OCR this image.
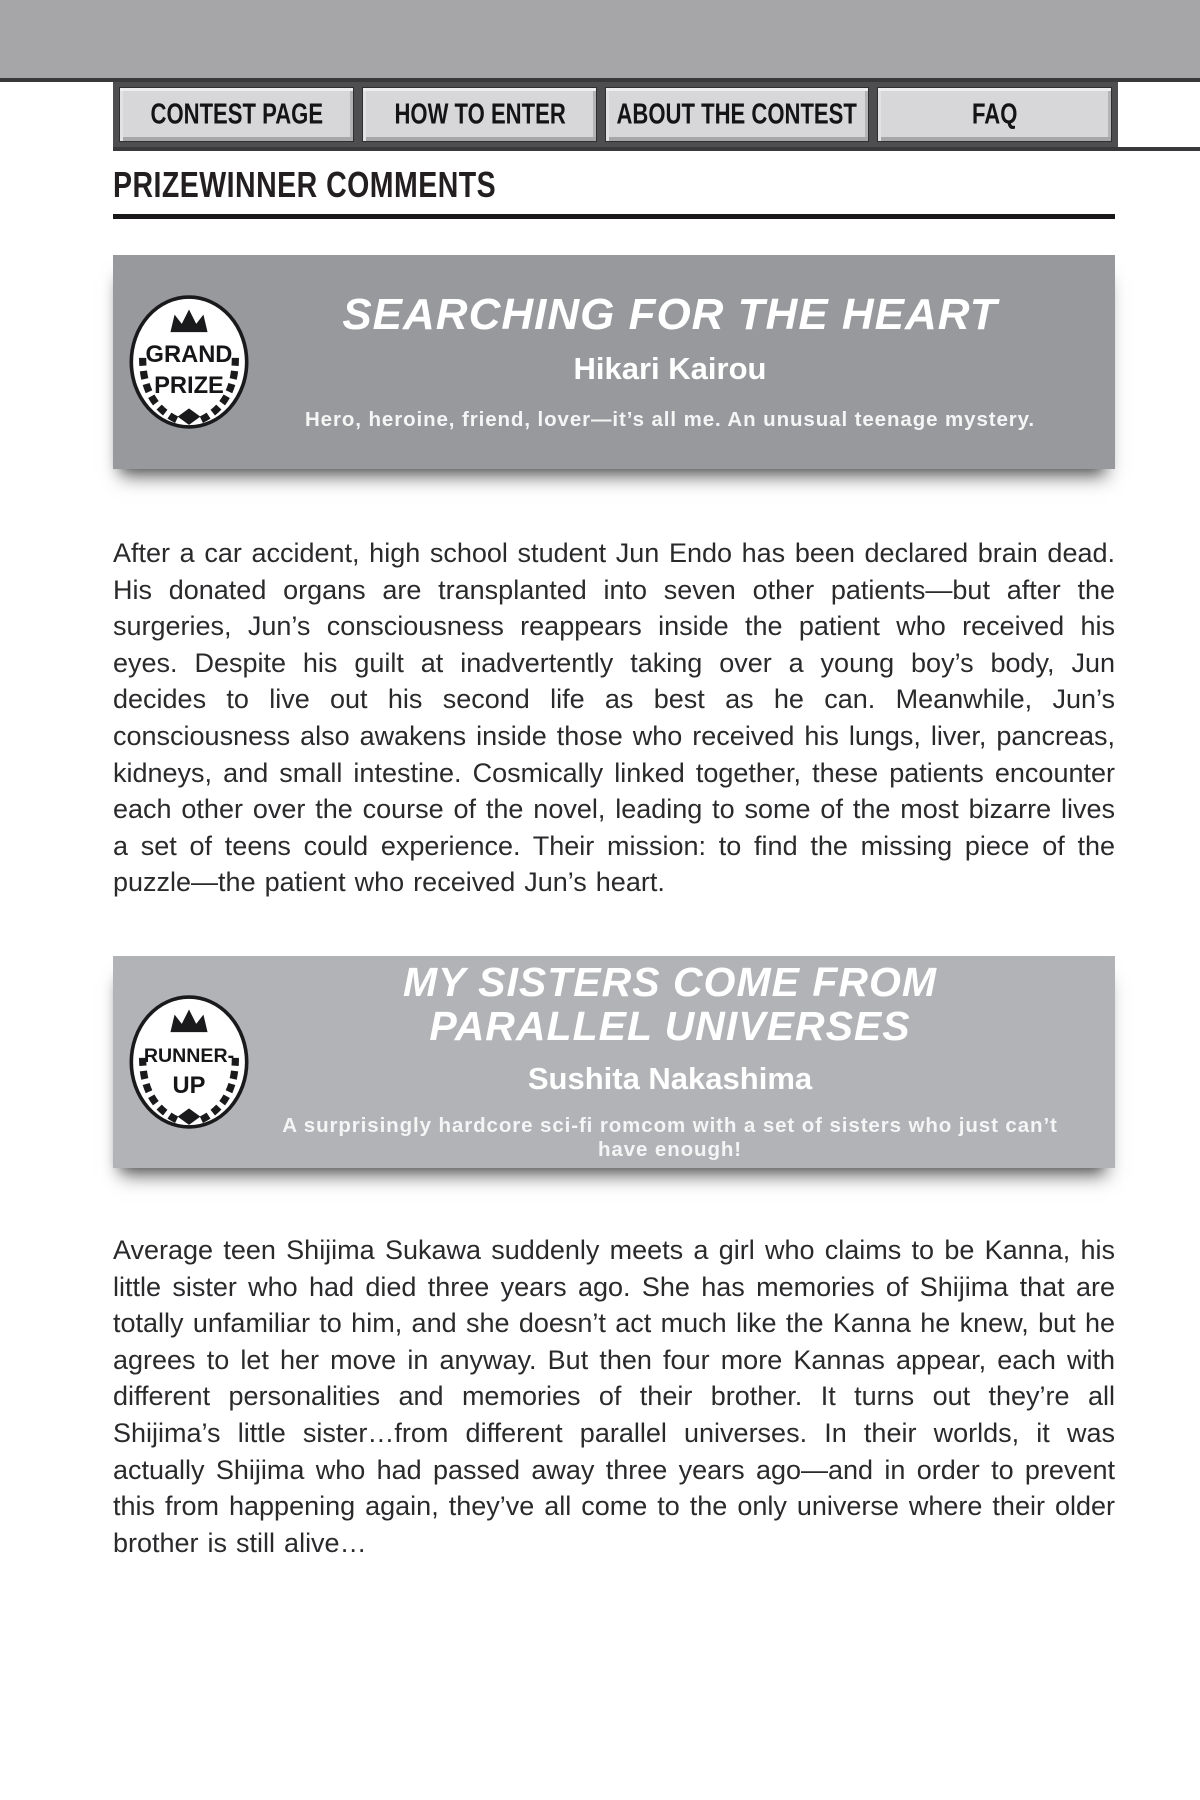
CONTEST PAGE	HOW TO ENTER ABOUT THE CONTEST	FAQ
PRIZEWINNER COMMENTS
GRAND
PRIZE
SEARCHING FOR THE HEART
Hikari Kairou
Hero, heroine, friend, lover—it’s all me. An unusual teenage mystery.

After a car accident, high school student Jun Endo has been declared brain dead. His donated organs are transplanted into seven other patients—but after the surgeries, Jun’s consciousness reappears inside the patient who received his eyes. Despite his guilt at inadvertently taking over a young boy’s body, Jun decides to live out his second life as best as he can. Meanwhile, Jun’s consciousness also awakens inside those who received his lungs, liver, pancreas, kidneys, and small intestine. Cosmically linked together, these patients encounter each other over the course of the novel, leading to some of the most bizarre lives a set of teens could experience. Their mission: to find the missing piece of the puzzle—the patient who received Jun’s heart.

RUNNER-
UP
MY SISTERS COME FROM
PARALLEL UNIVERSES
Sushita Nakashima
A surprisingly hardcore sci-fi romcom with a set of sisters who just can’t have enough!

Average teen Shijima Sukawa suddenly meets a girl who claims to be Kanna, his little sister who had died three years ago. She has memories of Shijima that are totally unfamiliar to him, and she doesn’t act much like the Kanna he knew, but he agrees to let her move in anyway. But then four more Kannas appear, each with different personalities and memories of their brother. It turns out they’re all Shijima’s little sister…from different parallel universes. In their worlds, it was actually Shijima who had passed away three years ago—and in order to prevent this from happening again, they’ve all come to the only universe where their older brother is still alive…
